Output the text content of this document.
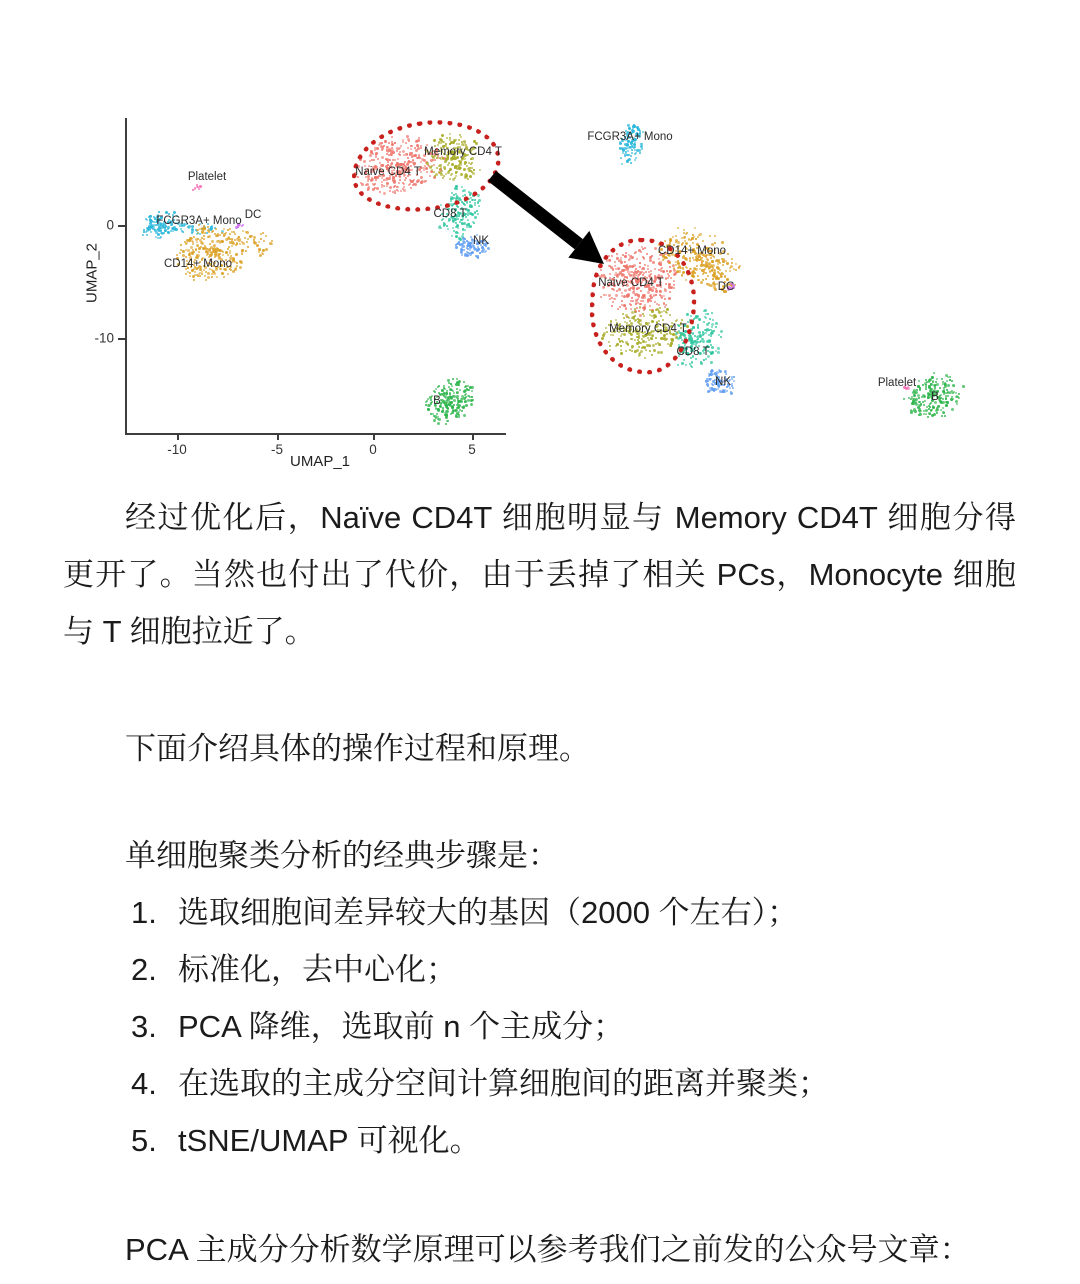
-10	-5	0	5
0
-10
UMAP_1
UMAP_2
Naive CD4 T
Memory CD4 T
CD8 T
NK
B
FCGR3A+ Mono
CD14+ Mono
DC
Platelet
FCGR3A+ Mono
CD14+ Mono
DC
Naive CD4 T
Memory CD4 T
CD8 T
NK
B
Platelet

经过优化后，Naïve CD4T 细胞明显与 Memory CD4T 细胞分得更开了。当然也付出了代价，由于丢掉了相关 PCs，Monocyte 细胞与 T 细胞拉近了。

下面介绍具体的操作过程和原理。

单细胞聚类分析的经典步骤是：

1. 选取细胞间差异较大的基因（2000 个左右）；
2. 标准化，去中心化；
3. PCA 降维，选取前 n 个主成分；
4. 在选取的主成分空间计算细胞间的距离并聚类；
5. tSNE/UMAP 可视化。

PCA 主成分分析数学原理可以参考我们之前发的公众号文章：
